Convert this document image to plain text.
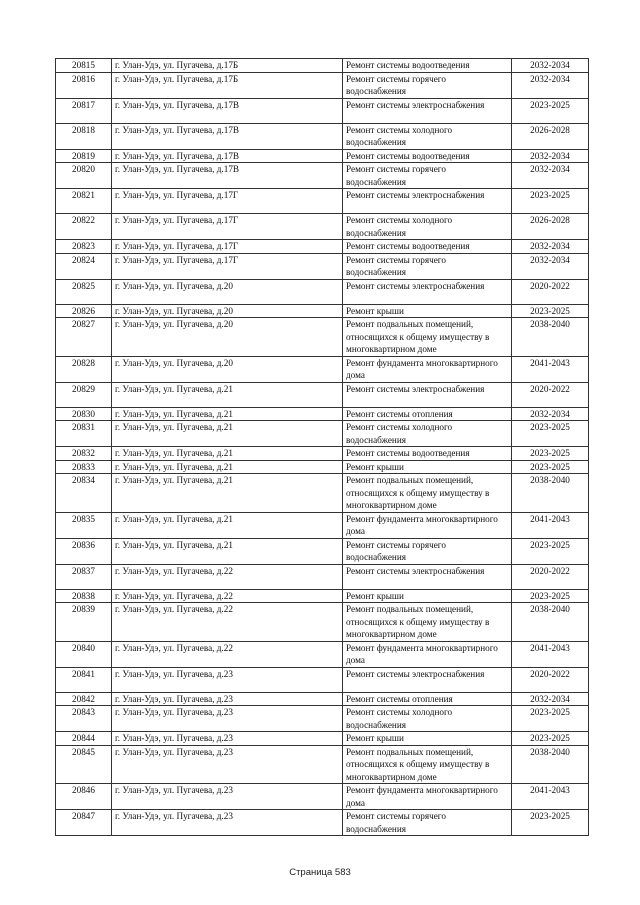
20815	г. Улан-Удэ, ул. Пугачева, д.17Б	Ремонт системы водоотведения	2032-2034
20816	г. Улан-Удэ, ул. Пугачева, д.17Б	Ремонт системы горячего водоснабжения	2032-2034
20817	г. Улан-Удэ, ул. Пугачева, д.17В	Ремонт системы электроснабжения	2023-2025
20818	г. Улан-Удэ, ул. Пугачева, д.17В	Ремонт системы холодного водоснабжения	2026-2028
20819	г. Улан-Удэ, ул. Пугачева, д.17В	Ремонт системы водоотведения	2032-2034
20820	г. Улан-Удэ, ул. Пугачева, д.17В	Ремонт системы горячего водоснабжения	2032-2034
20821	г. Улан-Удэ, ул. Пугачева, д.17Г	Ремонт системы электроснабжения	2023-2025
20822	г. Улан-Удэ, ул. Пугачева, д.17Г	Ремонт системы холодного водоснабжения	2026-2028
20823	г. Улан-Удэ, ул. Пугачева, д.17Г	Ремонт системы водоотведения	2032-2034
20824	г. Улан-Удэ, ул. Пугачева, д.17Г	Ремонт системы горячего водоснабжения	2032-2034
20825	г. Улан-Удэ, ул. Пугачева, д.20	Ремонт системы электроснабжения	2020-2022
20826	г. Улан-Удэ, ул. Пугачева, д.20	Ремонт крыши	2023-2025
20827	г. Улан-Удэ, ул. Пугачева, д.20	Ремонт подвальных помещений, относящихся к общему имуществу в многоквартирном доме	2038-2040
20828	г. Улан-Удэ, ул. Пугачева, д.20	Ремонт фундамента многоквартирного дома	2041-2043
20829	г. Улан-Удэ, ул. Пугачева, д.21	Ремонт системы электроснабжения	2020-2022
20830	г. Улан-Удэ, ул. Пугачева, д.21	Ремонт системы отопления	2032-2034
20831	г. Улан-Удэ, ул. Пугачева, д.21	Ремонт системы холодного водоснабжения	2023-2025
20832	г. Улан-Удэ, ул. Пугачева, д.21	Ремонт системы водоотведения	2023-2025
20833	г. Улан-Удэ, ул. Пугачева, д.21	Ремонт крыши	2023-2025
20834	г. Улан-Удэ, ул. Пугачева, д.21	Ремонт подвальных помещений, относящихся к общему имуществу в многоквартирном доме	2038-2040
20835	г. Улан-Удэ, ул. Пугачева, д.21	Ремонт фундамента многоквартирного дома	2041-2043
20836	г. Улан-Удэ, ул. Пугачева, д.21	Ремонт системы горячего водоснабжения	2023-2025
20837	г. Улан-Удэ, ул. Пугачева, д.22	Ремонт системы электроснабжения	2020-2022
20838	г. Улан-Удэ, ул. Пугачева, д.22	Ремонт крыши	2023-2025
20839	г. Улан-Удэ, ул. Пугачева, д.22	Ремонт подвальных помещений, относящихся к общему имуществу в многоквартирном доме	2038-2040
20840	г. Улан-Удэ, ул. Пугачева, д.22	Ремонт фундамента многоквартирного дома	2041-2043
20841	г. Улан-Удэ, ул. Пугачева, д.23	Ремонт системы электроснабжения	2020-2022
20842	г. Улан-Удэ, ул. Пугачева, д.23	Ремонт системы отопления	2032-2034
20843	г. Улан-Удэ, ул. Пугачева, д.23	Ремонт системы холодного водоснабжения	2023-2025
20844	г. Улан-Удэ, ул. Пугачева, д.23	Ремонт крыши	2023-2025
20845	г. Улан-Удэ, ул. Пугачева, д.23	Ремонт подвальных помещений, относящихся к общему имуществу в многоквартирном доме	2038-2040
20846	г. Улан-Удэ, ул. Пугачева, д.23	Ремонт фундамента многоквартирного дома	2041-2043
20847	г. Улан-Удэ, ул. Пугачева, д.23	Ремонт системы горячего водоснабжения	2023-2025
Страница 583
